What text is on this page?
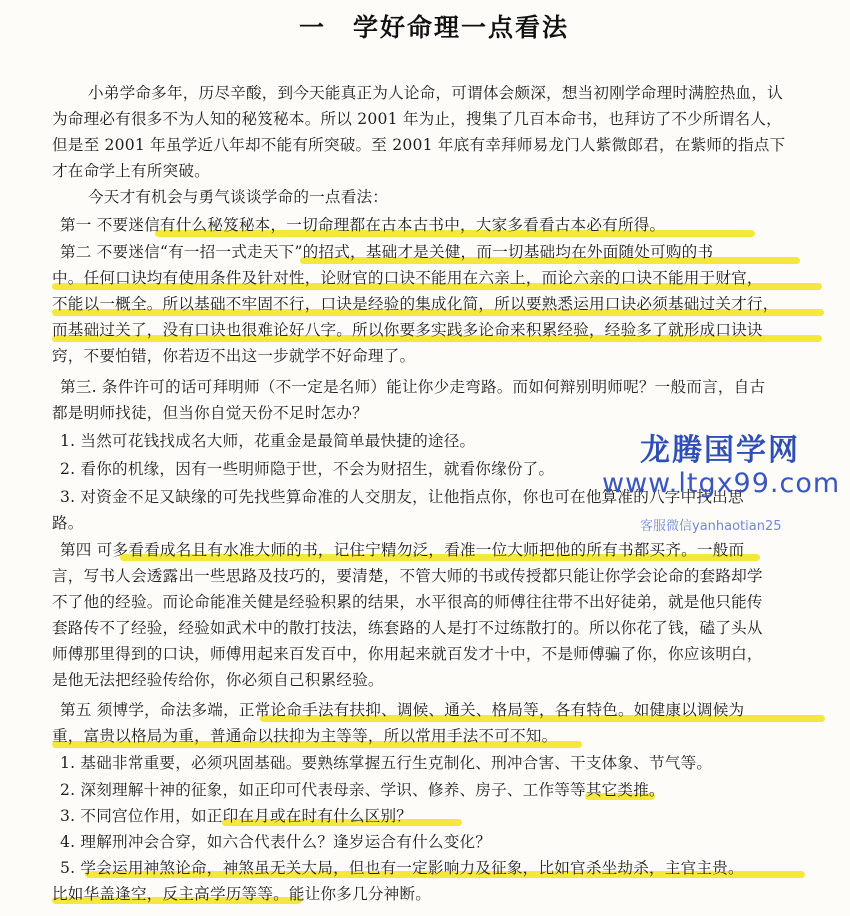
一　学好命理一点看法
小弟学命多年，历尽辛酸，到今天能真正为人论命，可谓体会颇深，想当初刚学命理时满腔热血，认
为命理必有很多不为人知的秘笈秘本。所以 2001 年为止，搜集了几百本命书，也拜访了不少所谓名人，
但是至 2001 年虽学近八年却不能有所突破。至 2001 年底有幸拜师易龙门人紫微郎君，在紫师的指点下
才在命学上有所突破。
今天才有机会与勇气谈谈学命的一点看法：
第一 不要迷信有什么秘笈秘本，一切命理都在古本古书中，大家多看看古本必有所得。
第二 不要迷信“有一招一式走天下”的招式，基础才是关健，而一切基础均在外面随处可购的书
中。任何口诀均有使用条件及针对性，论财官的口诀不能用在六亲上，而论六亲的口诀不能用于财官，
不能以一概全。所以基础不牢固不行，口诀是经验的集成化简，所以要熟悉运用口诀必须基础过关才行，
而基础过关了，没有口诀也很难论好八字。所以你要多实践多论命来积累经验，经验多了就形成口诀诀
窍，不要怕错，你若迈不出这一步就学不好命理了。
第三. 条件许可的话可拜明师（不一定是名师）能让你少走弯路。而如何辩别明师呢？一般而言，自古
都是明师找徒，但当你自觉天份不足时怎办？
1. 当然可花钱找成名大师，花重金是最简单最快捷的途径。
2. 看你的机缘，因有一些明师隐于世，不会为财招生，就看你缘份了。
3. 对资金不足又缺缘的可先找些算命准的人交朋友，让他指点你，你也可在他算准的八字中找出思
路。
第四 可多看看成名且有水准大师的书，记住宁精勿泛，看准一位大师把他的所有书都买齐。一般而
言，写书人会透露出一些思路及技巧的，要清楚，不管大师的书或传授都只能让你学会论命的套路却学
不了他的经验。而论命能准关健是经验积累的结果，水平很高的师傅往往带不出好徒弟，就是他只能传
套路传不了经验，经验如武术中的散打技法，练套路的人是打不过练散打的。所以你花了钱，磕了头从
师傅那里得到的口诀，师傅用起来百发百中，你用起来就百发才十中，不是师傅骗了你，你应该明白，
是他无法把经验传给你，你必须自己积累经验。
第五 须博学，命法多端，正常论命手法有扶抑、调候、通关、格局等，各有特色。如健康以调候为
重，富贵以格局为重，普通命以扶抑为主等等，所以常用手法不可不知。
1. 基础非常重要，必须巩固基础。要熟练掌握五行生克制化、刑冲合害、干支体象、节气等。
2. 深刻理解十神的征象，如正印可代表母亲、学识、修养、房子、工作等等其它类推。
3. 不同宫位作用，如正印在月或在时有什么区别？
4. 理解刑冲会合穿，如六合代表什么？逢岁运合有什么变化？
5. 学会运用神煞论命，神煞虽无关大局，但也有一定影响力及征象，比如官杀坐劫杀，主官主贵。
比如华盖逢空，反主高学历等等。能让你多几分神断。
龙腾国学网
www.ltgx99.com
客服微信yanhaotian25
